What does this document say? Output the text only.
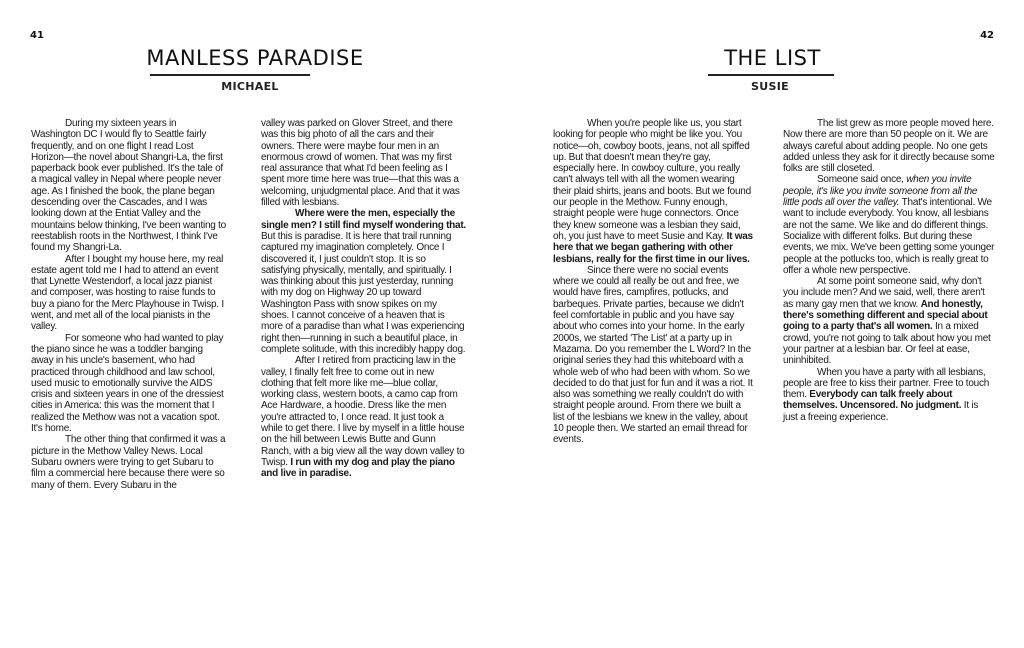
41	42
MANLESS PARADISE
MICHAEL
THE LIST
SUSIE

During my sixteen years in Washington DC I would fly to Seattle fairly frequently, and on one flight I read Lost Horizon—the novel about Shangri-La, the first paperback book ever published. It's the tale of a magical valley in Nepal where people never age. As I finished the book, the plane began descending over the Cascades, and I was looking down at the Entiat Valley and the mountains below thinking, I've been wanting to reestablish roots in the Northwest, I think I've found my Shangri-La.

After I bought my house here, my real estate agent told me I had to attend an event that Lynette Westendorf, a local jazz pianist and composer, was hosting to raise funds to buy a piano for the Merc Playhouse in Twisp. I went, and met all of the local pianists in the valley.

For someone who had wanted to play the piano since he was a toddler banging away in his uncle's basement, who had practiced through childhood and law school, used music to emotionally survive the AIDS crisis and sixteen years in one of the dressiest cities in America: this was the moment that I realized the Methow was not a vacation spot. It's home.

The other thing that confirmed it was a picture in the Methow Valley News. Local Subaru owners were trying to get Subaru to film a commercial here because there were so many of them. Every Subaru in the

valley was parked on Glover Street, and there was this big photo of all the cars and their owners. There were maybe four men in an enormous crowd of women. That was my first real assurance that what I'd been feeling as I spent more time here was true—that this was a welcoming, unjudgmental place. And that it was filled with lesbians.

Where were the men, especially the single men? I still find myself wondering that. But this is paradise. It is here that trail running captured my imagination completely. Once I discovered it, I just couldn't stop. It is so satisfying physically, mentally, and spiritually. I was thinking about this just yesterday, running with my dog on Highway 20 up toward Washington Pass with snow spikes on my shoes. I cannot conceive of a heaven that is more of a paradise than what I was experiencing right then—running in such a beautiful place, in complete solitude, with this incredibly happy dog.

After I retired from practicing law in the valley, I finally felt free to come out in new clothing that felt more like me—blue collar, working class, western boots, a camo cap from Ace Hardware, a hoodie. Dress like the men you're attracted to, I once read. It just took a while to get there. I live by myself in a little house on the hill between Lewis Butte and Gunn Ranch, with a big view all the way down valley to Twisp. I run with my dog and play the piano and live in paradise.

When you're people like us, you start looking for people who might be like you. You notice—oh, cowboy boots, jeans, not all spiffed up. But that doesn't mean they're gay, especially here. In cowboy culture, you really can't always tell with all the women wearing their plaid shirts, jeans and boots. But we found our people in the Methow. Funny enough, straight people were huge connectors. Once they knew someone was a lesbian they said, oh, you just have to meet Susie and Kay. It was here that we began gathering with other lesbians, really for the first time in our lives.

Since there were no social events where we could all really be out and free, we would have fires, campfires, potlucks, and barbeques. Private parties, because we didn't feel comfortable in public and you have say about who comes into your home. In the early 2000s, we started 'The List' at a party up in Mazama. Do you remember the L Word? In the original series they had this whiteboard with a whole web of who had been with whom. So we decided to do that just for fun and it was a riot. It also was something we really couldn't do with straight people around. From there we built a list of the lesbians we knew in the valley, about 10 people then. We started an email thread for events.

The list grew as more people moved here. Now there are more than 50 people on it. We are always careful about adding people. No one gets added unless they ask for it directly because some folks are still closeted.

Someone said once, when you invite people, it's like you invite someone from all the little pods all over the valley. That's intentional. We want to include everybody. You know, all lesbians are not the same. We like and do different things. Socialize with different folks. But during these events, we mix. We've been getting some younger people at the potlucks too, which is really great to offer a whole new perspective.

At some point someone said, why don't you include men? And we said, well, there aren't as many gay men that we know. And honestly, there's something different and special about going to a party that's all women. In a mixed crowd, you're not going to talk about how you met your partner at a lesbian bar. Or feel at ease, uninhibited.

When you have a party with all lesbians, people are free to kiss their partner. Free to touch them. Everybody can talk freely about themselves. Uncensored. No judgment. It is just a freeing experience.
